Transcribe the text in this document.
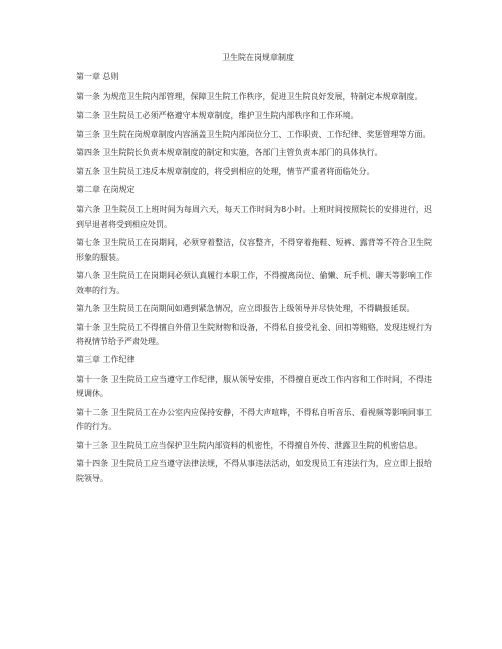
卫生院在岗规章制度
第一章 总则

第一条 为规范卫生院内部管理，保障卫生院工作秩序，促进卫生院良好发展，特制定本规章制度。

第二条 卫生院员工必须严格遵守本规章制度，维护卫生院内部秩序和工作环境。

第三条 卫生院在岗规章制度内容涵盖卫生院内部岗位分工、工作职责、工作纪律、奖惩管理等方面。

第四条 卫生院院长负责本规章制度的制定和实施，各部门主管负责本部门的具体执行。

第五条 卫生院员工违反本规章制度的，将受到相应的处理，情节严重者将面临处分。

第二章 在岗规定

第六条 卫生院员工上班时间为每周六天，每天工作时间为8小时。上班时间按照院长的安排进行，迟到早退者将受到相应处罚。

第七条 卫生院员工在岗期间，必须穿着整洁，仪容整齐，不得穿着拖鞋、短裤、露背等不符合卫生院形象的服装。

第八条 卫生院员工在岗期间必须认真履行本职工作，不得擅离岗位、偷懒、玩手机、聊天等影响工作效率的行为。

第九条 卫生院员工在岗期间如遇到紧急情况，应立即报告上级领导并尽快处理，不得瞒报延误。

第十条 卫生院员工不得擅自外借卫生院财物和设备，不得私自接受礼金、回扣等贿赂，发现违规行为将视情节给予严肃处理。

第三章 工作纪律

第十一条 卫生院员工应当遵守工作纪律，服从领导安排，不得擅自更改工作内容和工作时间，不得违规调休。

第十二条 卫生院员工在办公室内应保持安静，不得大声喧哗，不得私自听音乐、看视频等影响同事工作的行为。

第十三条 卫生院员工应当保护卫生院内部资料的机密性，不得擅自外传、泄露卫生院的机密信息。

第十四条 卫生院员工应当遵守法律法规，不得从事违法活动，如发现员工有违法行为，应立即上报给院领导。
